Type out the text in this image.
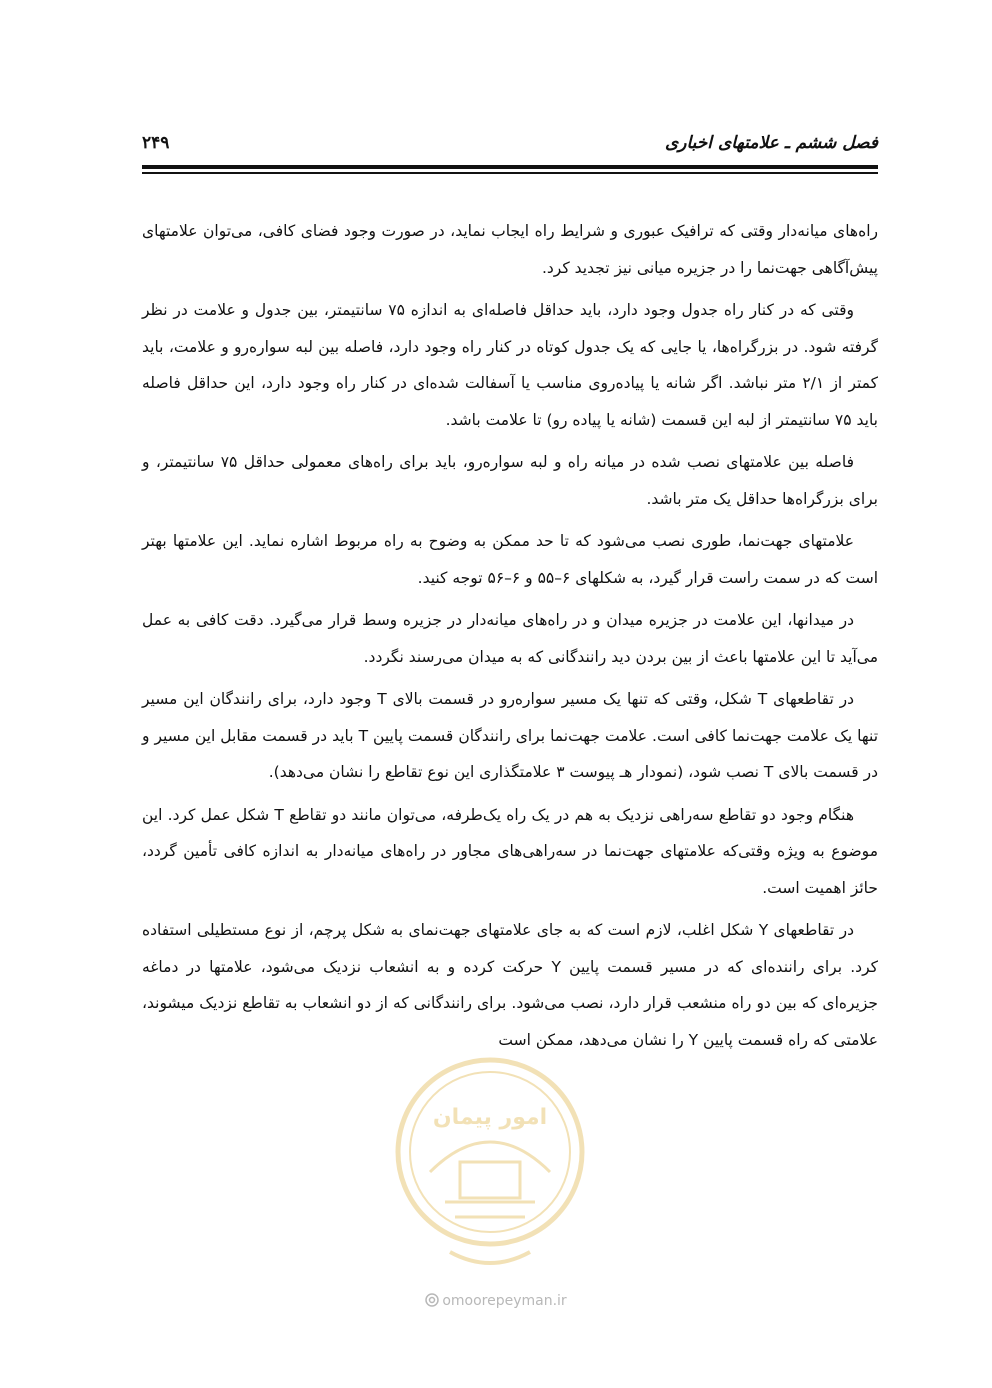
فصل ششم ـ علامتهای اخباری
۲۴۹

راه‌های میانه‌دار وقتی که ترافیک عبوری و شرایط راه ایجاب نماید، در صورت وجود فضای کافی، می‌توان علامتهای پیش‌آگاهی جهت‌نما را در جزیره میانی نیز تجدید کرد.

وقتی که در کنار راه جدول وجود دارد، باید حداقل فاصله‌ای به اندازه ۷۵ سانتیمتر، بین جدول و علامت در نظر گرفته شود. در بزرگراه‌ها، یا جایی که یک جدول کوتاه در کنار راه وجود دارد، فاصله بین لبه سواره‌رو و علامت، باید کمتر از ۲/۱ متر نباشد. اگر شانه یا پیاده‌روی مناسب یا آسفالت شده‌ای در کنار راه وجود دارد، این حداقل فاصله باید ۷۵ سانتیمتر از لبه این قسمت (شانه یا پیاده رو) تا علامت باشد.

فاصله بین علامتهای نصب شده در میانه راه و لبه سواره‌رو، باید برای راه‌های معمولی حداقل ۷۵ سانتیمتر، و برای بزرگراه‌ها حداقل یک متر باشد.

علامتهای جهت‌نما، طوری نصب می‌شود که تا حد ممکن به وضوح به راه مربوط اشاره نماید. این علامتها بهتر است که در سمت راست قرار گیرد، به شکلهای ۶–۵۵ و ۶–۵۶ توجه کنید.

در میدانها، این علامت در جزیره میدان و در راه‌های میانه‌دار در جزیره وسط قرار می‌گیرد. دقت کافی به عمل می‌آید تا این علامتها باعث از بین بردن دید رانندگانی که به میدان می‌رسند نگردد.

در تقاطعهای T شکل، وقتی که تنها یک مسیر سواره‌رو در قسمت بالای T وجود دارد، برای رانندگان این مسیر تنها یک علامت جهت‌نما کافی است. علامت جهت‌نما برای رانندگان قسمت پایین T باید در قسمت مقابل این مسیر و در قسمت بالای T نصب شود، (نمودار هـ پیوست ۳ علامتگذاری این نوع تقاطع را نشان می‌دهد).

هنگام وجود دو تقاطع سه‌راهی نزدیک به هم در یک راه یک‌طرفه، می‌توان مانند دو تقاطع T شکل عمل کرد. این موضوع به ویژه وقتی‌که علامتهای جهت‌نما در سه‌راهی‌های مجاور در راه‌های میانه‌دار به اندازه کافی تأمین گردد، حائز اهمیت است.

در تقاطعهای Y شکل اغلب، لازم است که به جای علامتهای جهت‌نمای به شکل پرچم، از نوع مستطیلی استفاده کرد. برای راننده‌ای که در مسیر قسمت پایین Y حرکت کرده و به انشعاب نزدیک می‌شود، علامتها در دماغه جزیره‌ای که بین دو راه منشعب قرار دارد، نصب می‌شود. برای رانندگانی که از دو انشعاب به تقاطع نزدیک میشوند، علامتی که راه قسمت پایین Y را نشان می‌دهد، ممکن است

امور پیمان
omoorepeyman.ir
